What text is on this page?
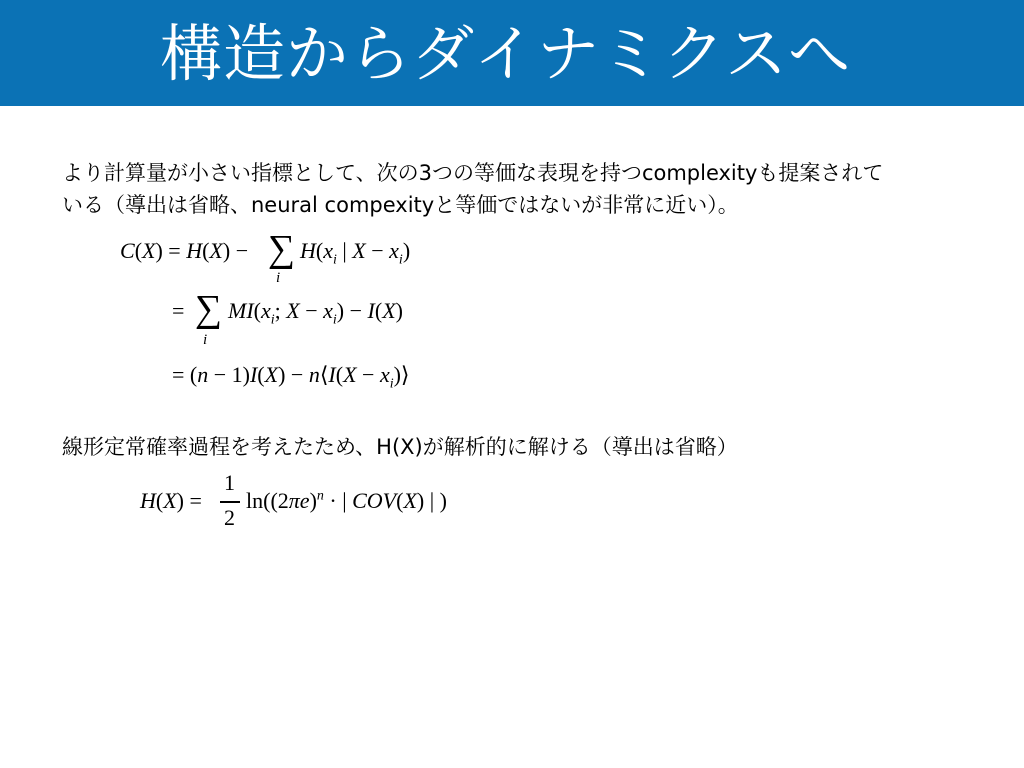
構造からダイナミクスへ
より計算量が小さい指標として、次の3つの等価な表現を持つcomplexityも提案されて
いる（導出は省略、neural compexityと等価ではないが非常に近い）。
C(X) = H(X) − ∑
i
$H(x_i$ | $X - x_i$)
= ∑
i
$MI(x_i$; $X - x_i) - I(X)$
= (n − 1)I(X) − n⟨I(X − $x_i)⟩$
線形定常確率過程を考えたため、H(X)が解析的に解ける（導出は省略）
H(X) =
1
2
$\ln((2\pi e)^n$ · | COV(X) | )
